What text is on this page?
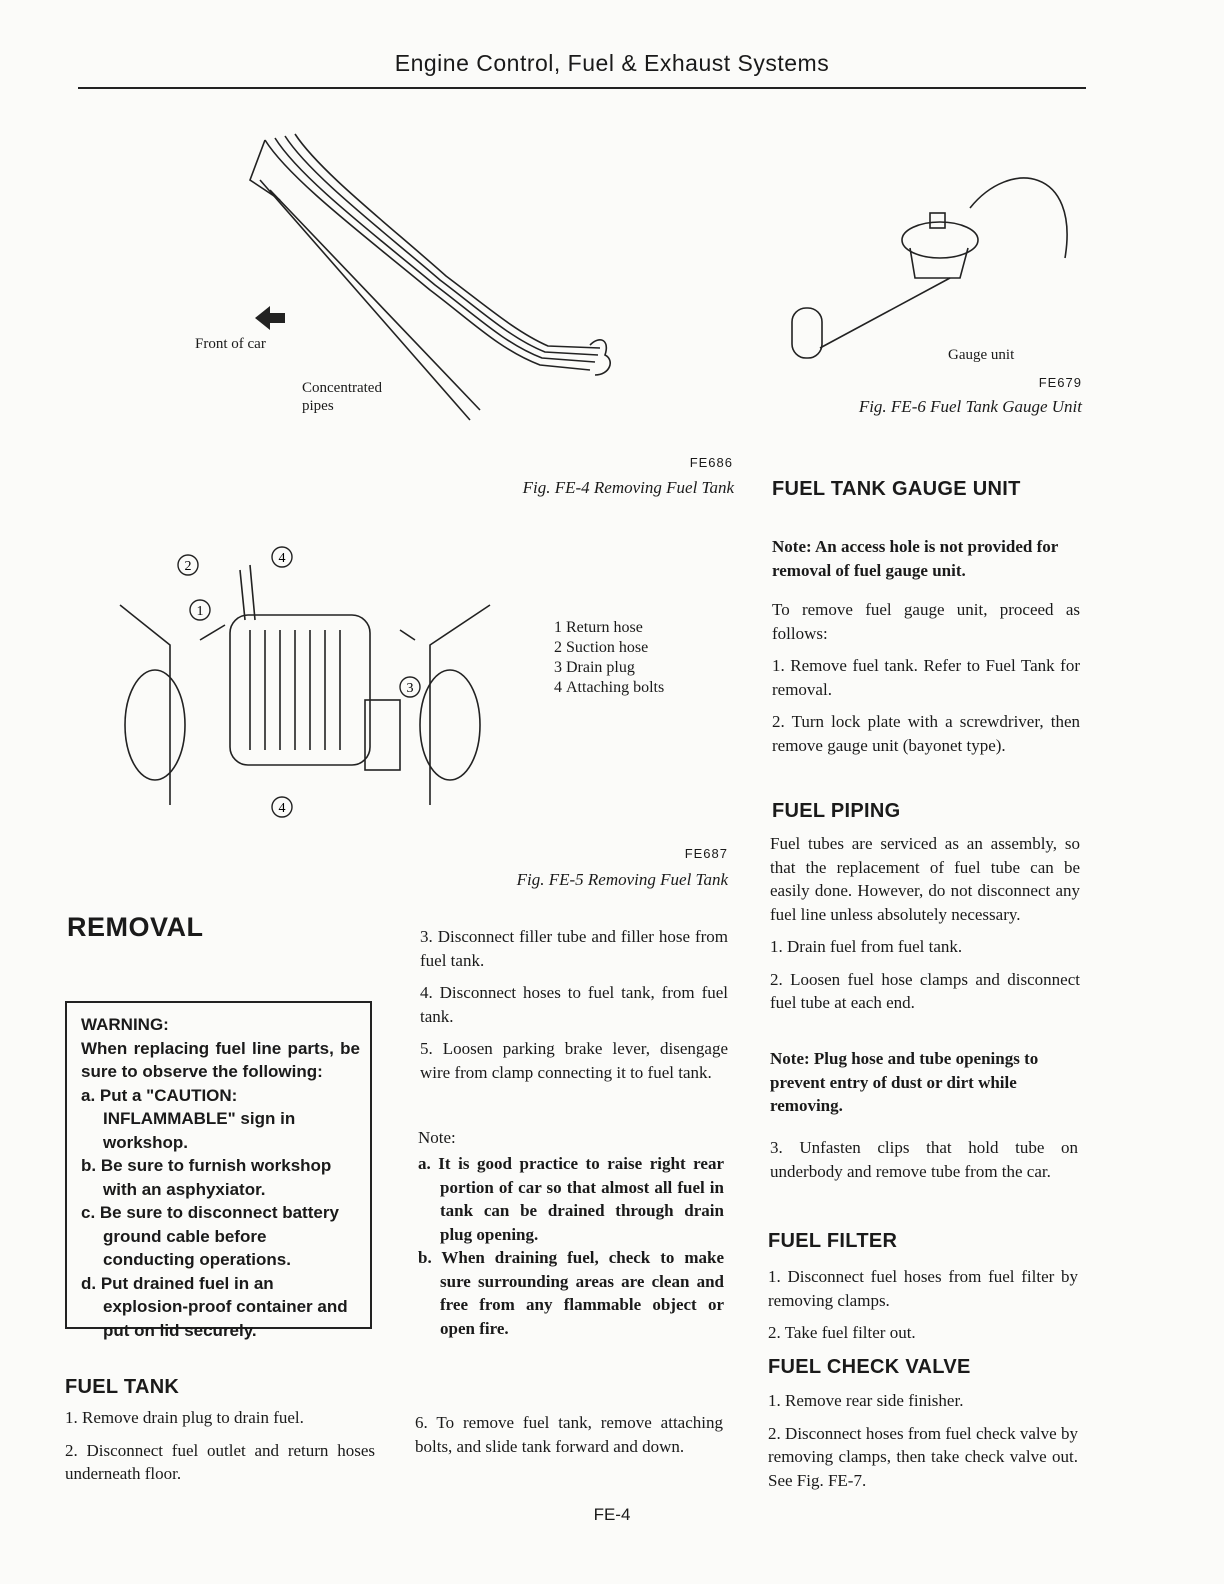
Engine Control, Fuel & Exhaust Systems
Front of car
Concentrated
pipes
FE686
Fig. FE-4 Removing Fuel Tank
2
1
4
3
4
1	Return hose
2	Suction hose
3	Drain plug
4	Attaching bolts
FE687
Fig. FE-5 Removing Fuel Tank
Gauge unit
FE679
Fig. FE-6 Fuel Tank Gauge Unit
REMOVAL
WARNING:
When replacing fuel line parts, be sure to observe the following:
a. Put a "CAUTION: INFLAMMABLE" sign in workshop.
b. Be sure to furnish workshop with an asphyxiator.
c. Be sure to disconnect battery ground cable before conducting operations.
d. Put drained fuel in an explosion-proof container and put on lid securely.
FUEL TANK

1. Remove drain plug to drain fuel.

2. Disconnect fuel outlet and return hoses underneath floor.

3. Disconnect filler tube and filler hose from fuel tank.

4. Disconnect hoses to fuel tank, from fuel tank.

5. Loosen parking brake lever, disengage wire from clamp connecting it to fuel tank.

Note:
a. It is good practice to raise right rear portion of car so that almost all fuel in tank can be drained through drain plug opening.
b. When draining fuel, check to make sure surrounding areas are clean and free from any flammable object or open fire.
6. To remove fuel tank, remove attaching bolts, and slide tank forward and down.
FUEL TANK GAUGE UNIT
Note: An access hole is not provided for removal of fuel gauge unit.

To remove fuel gauge unit, proceed as follows:

1. Remove fuel tank. Refer to Fuel Tank for removal.

2. Turn lock plate with a screwdriver, then remove gauge unit (bayonet type).

FUEL PIPING

Fuel tubes are serviced as an assembly, so that the replacement of fuel tube can be easily done. However, do not disconnect any fuel line unless absolutely necessary.

1. Drain fuel from fuel tank.

2. Loosen fuel hose clamps and disconnect fuel tube at each end.

Note: Plug hose and tube openings to prevent entry of dust or dirt while removing.
3. Unfasten clips that hold tube on underbody and remove tube from the car.
FUEL FILTER

1. Disconnect fuel hoses from fuel filter by removing clamps.

2. Take fuel filter out.

FUEL CHECK VALVE

1. Remove rear side finisher.

2. Disconnect hoses from fuel check valve by removing clamps, then take check valve out. See Fig. FE-7.

FE-4
